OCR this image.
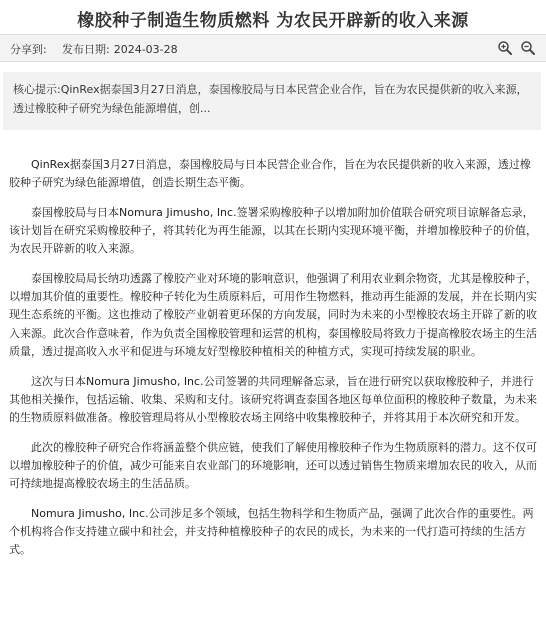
橡胶种子制造生物质燃料 为农民开辟新的收入来源
分享到: 发布日期: 2024-03-28
核心提示:QinRex据泰国3月27日消息，泰国橡胶局与日本民营企业合作，旨在为农民提供新的收入来源，透过橡胶种子研究为绿色能源增值，创...

QinRex据泰国3月27日消息，泰国橡胶局与日本民营企业合作，旨在为农民提供新的收入来源，透过橡胶种子研究为绿色能源增值，创造长期生态平衡。

泰国橡胶局与日本Nomura Jimusho, Inc.签署采购橡胶种子以增加附加价值联合研究项目谅解备忘录，该计划旨在研究采购橡胶种子，将其转化为再生能源，以其在长期内实现环境平衡，并增加橡胶种子的价值，为农民开辟新的收入来源。

泰国橡胶局局长纳功透露了橡胶产业对环境的影响意识，他强调了利用农业剩余物资，尤其是橡胶种子，以增加其价值的重要性。橡胶种子转化为生质原料后，可用作生物燃料，推动再生能源的发展，并在长期内实现生态系统的平衡。这也推动了橡胶产业朝着更环保的方向发展，同时为未来的小型橡胶农场主开辟了新的收入来源。此次合作意味着，作为负责全国橡胶管理和运营的机构，泰国橡胶局将致力于提高橡胶农场主的生活质量，透过提高收入水平和促进与环境友好型橡胶种植相关的种植方式，实现可持续发展的职业。

这次与日本Nomura Jimusho, Inc.公司签署的共同理解备忘录，旨在进行研究以获取橡胶种子，并进行其他相关操作，包括运输、收集、采购和支付。该研究将调查泰国各地区每单位面积的橡胶种子数量，为未来的生物质原料做准备。橡胶管理局将从小型橡胶农场主网络中收集橡胶种子，并将其用于本次研究和开发。

此次的橡胶种子研究合作将涵盖整个供应链，使我们了解使用橡胶种子作为生物质原料的潜力。这不仅可以增加橡胶种子的价值，减少可能来自农业部门的环境影响，还可以透过销售生物质来增加农民的收入，从而可持续地提高橡胶农场主的生活品质。

Nomura Jimusho, Inc.公司涉足多个领域，包括生物科学和生物质产品，强调了此次合作的重要性。两个机构将合作支持建立碳中和社会，并支持种植橡胶种子的农民的成长，为未来的一代打造可持续的生活方式。
